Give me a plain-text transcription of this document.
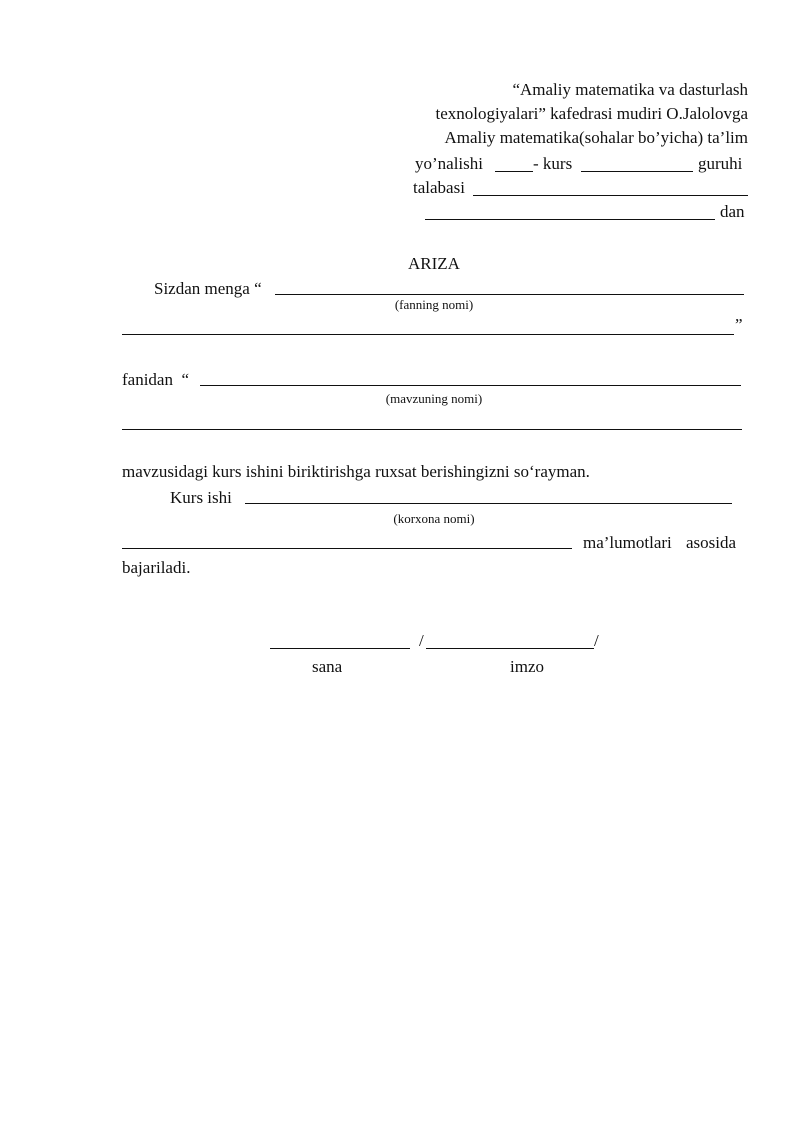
“Amaliy matematika va dasturlash
texnologiyalari” kafedrasi mudiri O.Jalolovga
Amaliy matematika(sohalar bo’yicha) ta’lim
yo’nalishi	- kurs	guruhi
talabasi
dan
ARIZA
Sizdan menga “
(fanning nomi)
”
fanidan  “
(mavzuning nomi)
mavzusidagi kurs ishini biriktirishga ruxsat berishingizni so‘rayman.
Kurs ishi
(korxona nomi)
ma’lumotlari asosida
bajariladi.
/	/
sana	imzo
